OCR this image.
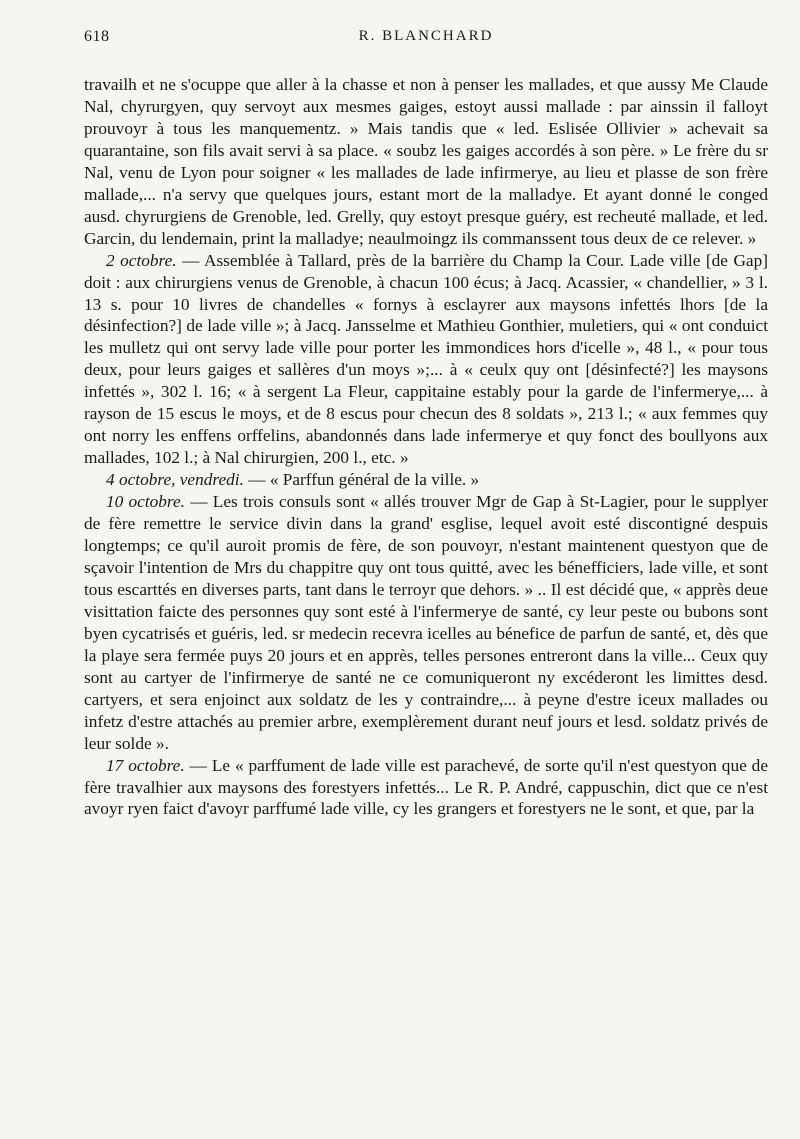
618	R. BLANCHARD

travailh et ne s'ocuppe que aller à la chasse et non à penser les mallades, et que aussy Me Claude Nal, chyrurgyen, quy servoyt aux mesmes gaiges, estoyt aussi mallade : par ainssin il falloyt prouvoyr à tous les manquementz. » Mais tandis que « led. Eslisée Ollivier » achevait sa quarantaine, son fils avait servi à sa place. « soubz les gaiges accordés à son père. » Le frère du sr Nal, venu de Lyon pour soigner « les mallades de lade infirmerye, au lieu et plasse de son frère mallade,... n'a servy que quelques jours, estant mort de la malladye. Et ayant donné le conged ausd. chyrurgiens de Grenoble, led. Grelly, quy estoyt presque guéry, est recheuté mallade, et led. Garcin, du lendemain, print la malladye; neaulmoingz ils commanssent tous deux de ce relever. »

2 octobre. — Assemblée à Tallard, près de la barrière du Champ la Cour. Lade ville [de Gap] doit : aux chirurgiens venus de Grenoble, à chacun 100 écus; à Jacq. Acassier, « chandellier, » 3 l. 13 s. pour 10 livres de chandelles « fornys à esclayrer aux maysons infettés lhors [de la désinfection?] de lade ville »; à Jacq. Jansselme et Mathieu Gonthier, muletiers, qui « ont conduict les mulletz qui ont servy lade ville pour porter les immondices hors d'icelle », 48 l., « pour tous deux, pour leurs gaiges et sallères d'un moys »;... à « ceulx quy ont [désinfecté?] les maysons infettés », 302 l. 16; « à sergent La Fleur, cappitaine estably pour la garde de l'infermerye,... à rayson de 15 escus le moys, et de 8 escus pour checun des 8 soldats », 213 l.; « aux femmes quy ont norry les enffens orffelins, abandonnés dans lade infermerye et quy fonct des boullyons aux mallades, 102 l.; à Nal chirurgien, 200 l., etc. »

4 octobre, vendredi. — « Parffun général de la ville. »

10 octobre. — Les trois consuls sont « allés trouver Mgr de Gap à St-Lagier, pour le supplyer de fère remettre le service divin dans la grand' esglise, lequel avoit esté discontigné despuis longtemps; ce qu'il auroit promis de fère, de son pouvoyr, n'estant maintenent questyon que de sçavoir l'intention de Mrs du chappitre quy ont tous quitté, avec les bénefficiers, lade ville, et sont tous escarttés en diverses parts, tant dans le terroyr que dehors. » .. Il est décidé que, « apprès deue visittation faicte des personnes quy sont esté à l'infermerye de santé, cy leur peste ou bubons sont byen cycatrisés et guéris, led. sr medecin recevra icelles au bénefice de parfun de santé, et, dès que la playe sera fermée puys 20 jours et en apprès, telles persones entreront dans la ville... Ceux quy sont au cartyer de l'infirmerye de santé ne ce comuniqueront ny excéderont les limittes desd. cartyers, et sera enjoinct aux soldatz de les y contraindre,... à peyne d'estre iceux mallades ou infetz d'estre attachés au premier arbre, exemplèrement durant neuf jours et lesd. soldatz privés de leur solde ».

17 octobre. — Le « parffument de lade ville est parachevé, de sorte qu'il n'est questyon que de fère travalhier aux maysons des forestyers infettés... Le R. P. André, cappuschin, dict que ce n'est avoyr ryen faict d'avoyr parffumé lade ville, cy les grangers et forestyers ne le sont, et que, par la
